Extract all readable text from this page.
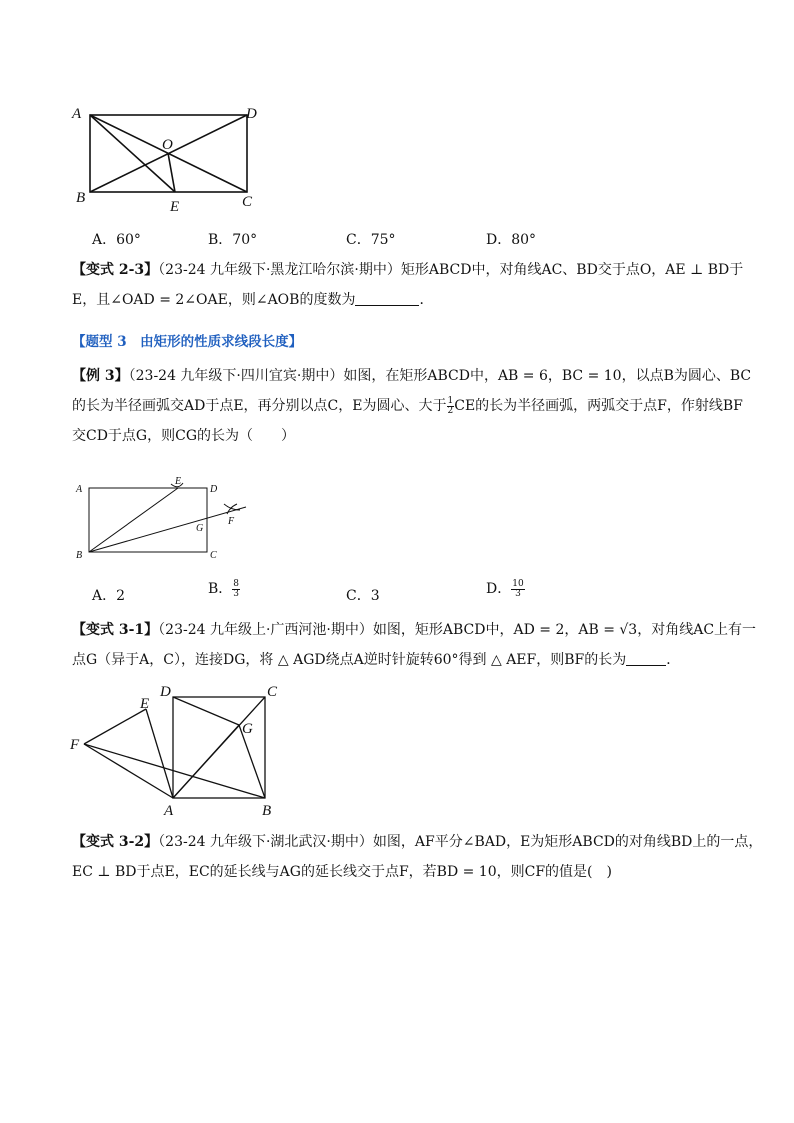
A	D
O
B	C
E
A．60°	B．70°	C．75°	D．80°
【变式 2-3】（23-24 九年级下·黑龙江哈尔滨·期中）矩形ABCD中，对角线AC、BD交于点O，AE ⊥ BD于
E，且∠OAD = 2∠OAE，则∠AOB的度数为	．
【题型 3　由矩形的性质求线段长度】
【例 3】（23-24 九年级下·四川宜宾·期中）如图，在矩形ABCD中，AB = 6，BC = 10，以点B为圆心、BC
的长为半径画弧交AD于点E，再分别以点C，E为圆心、大于 $\frac{1}{2}$ CE的长为半径画弧，两弧交于点F，作射线BF
交CD于点G，则CG的长为（　　）
A	D
E
F
G
B	C
A．2	B． $\frac{8}{3}$	C．3	D． $\frac{10}{3}$
【变式 3-1】（23-24 九年级上·广西河池·期中）如图，矩形ABCD中，AD = 2，AB = √3，对角线AC上有一
点G（异于A，C），连接DG，将 △ AGD绕点A逆时针旋转60°得到 △ AEF，则BF的长为	．
D	C
E
G
F
A	B
【变式 3-2】（23-24 九年级下·湖北武汉·期中）如图，AF平分∠BAD，E为矩形ABCD的对角线BD上的一点，
EC ⊥ BD于点E，EC的延长线与AG的延长线交于点F，若BD = 10，则CF的值是(　)
